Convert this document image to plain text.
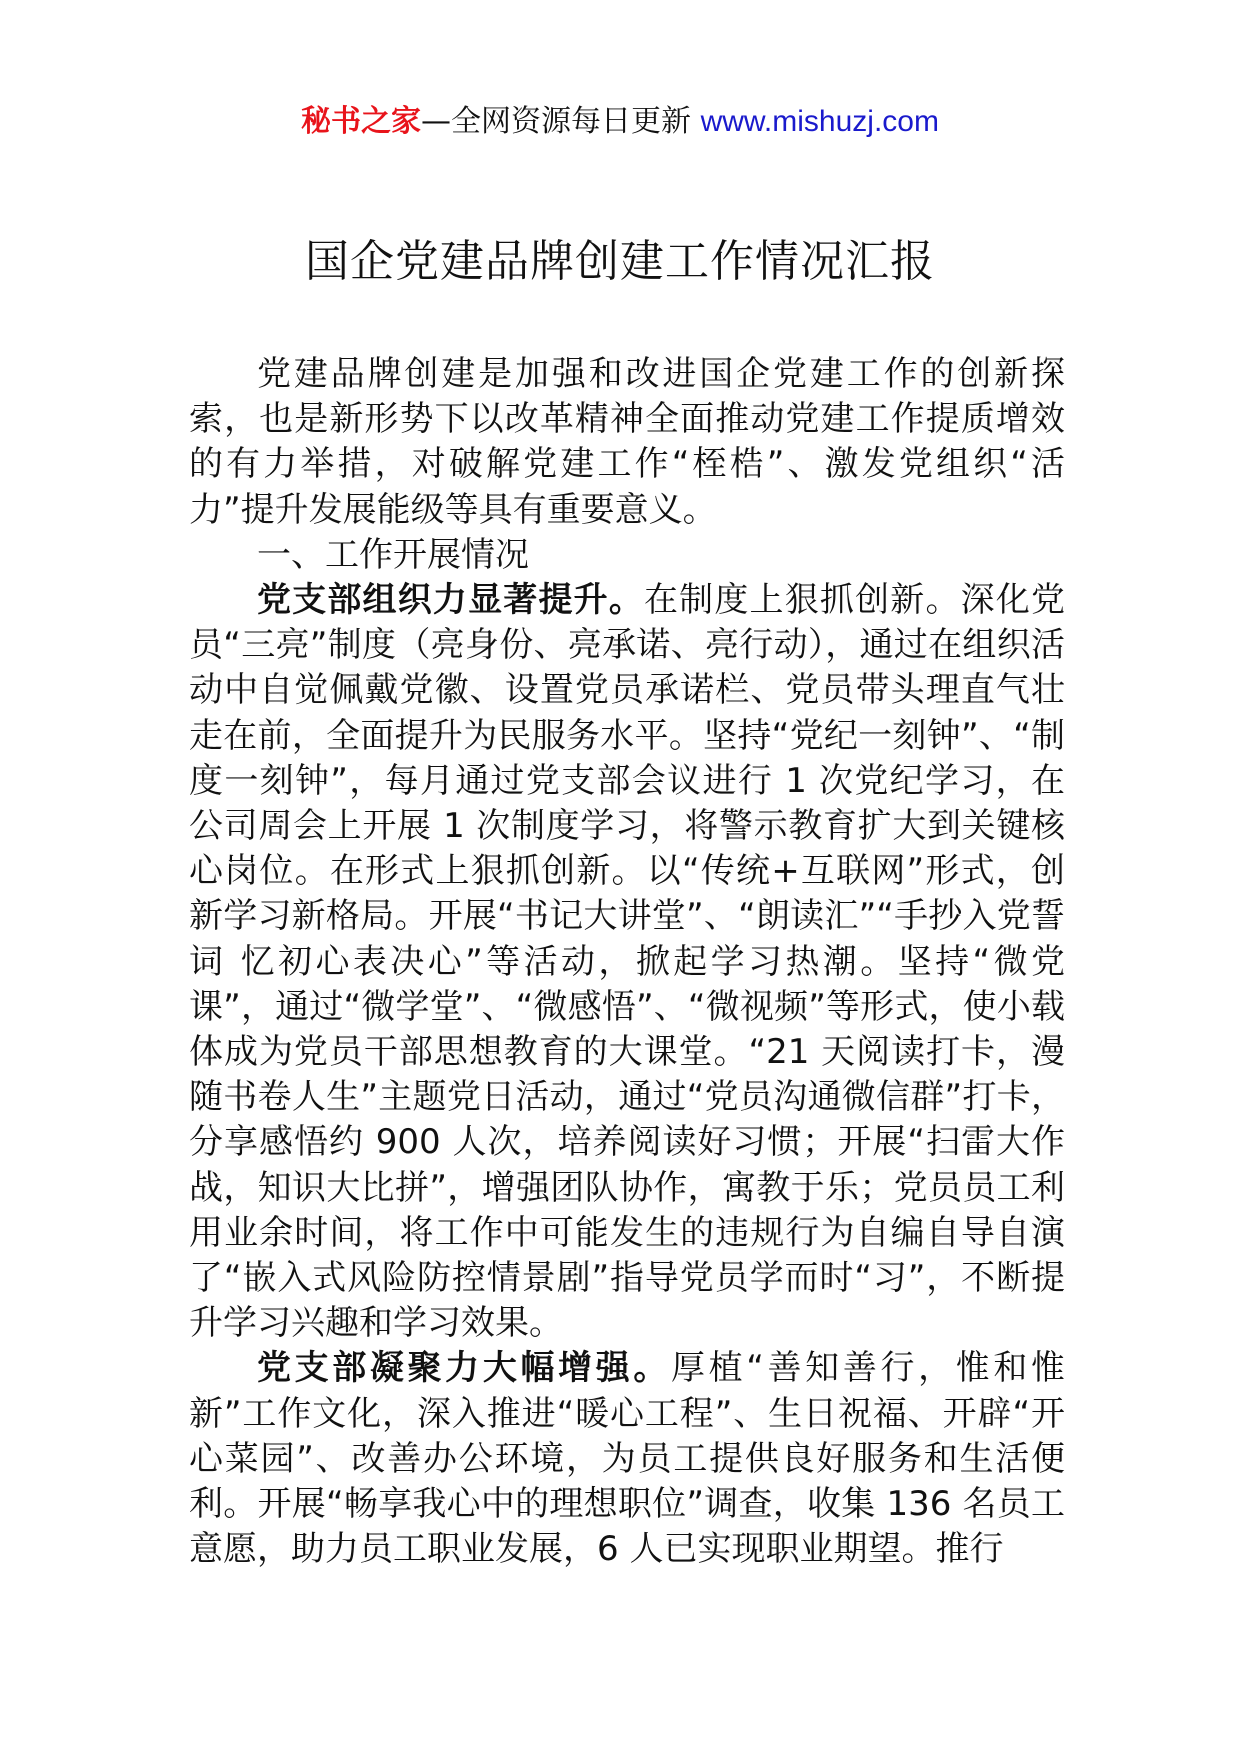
秘书之家—全网资源每日更新 www.mishuzj.com
国企党建品牌创建工作情况汇报

党建品牌创建是加强和改进国企党建工作的创新探索，也是新形势下以改革精神全面推动党建工作提质增效的有力举措，对破解党建工作“桎梏”、激发党组织“活力”提升发展能级等具有重要意义。

一、工作开展情况

党支部组织力显著提升。在制度上狠抓创新。深化党员“三亮”制度（亮身份、亮承诺、亮行动），通过在组织活动中自觉佩戴党徽、设置党员承诺栏、党员带头理直气壮走在前，全面提升为民服务水平。坚持“党纪一刻钟”、“制度一刻钟”，每月通过党支部会议进行 1 次党纪学习，在公司周会上开展 1 次制度学习，将警示教育扩大到关键核心岗位。在形式上狠抓创新。以“传统+互联网”形式，创新学习新格局。开展“书记大讲堂”、“朗读汇”“手抄入党誓词 忆初心表决心”等活动，掀起学习热潮。坚持“微党课”，通过“微学堂”、“微感悟”、“微视频”等形式，使小载体成为党员干部思想教育的大课堂。“21 天阅读打卡，漫随书卷人生”主题党日活动，通过“党员沟通微信群”打卡，分享感悟约 900 人次，培养阅读好习惯；开展“扫雷大作战，知识大比拼”，增强团队协作，寓教于乐；党员员工利用业余时间，将工作中可能发生的违规行为自编自导自演了“嵌入式风险防控情景剧”指导党员学而时“习”，不断提升学习兴趣和学习效果。

党支部凝聚力大幅增强。厚植“善知善行，惟和惟新”工作文化，深入推进“暖心工程”、生日祝福、开辟“开心菜园”、改善办公环境，为员工提供良好服务和生活便利。开展“畅享我心中的理想职位”调查，收集 136 名员工意愿，助力员工职业发展，6 人已实现职业期望。推行
